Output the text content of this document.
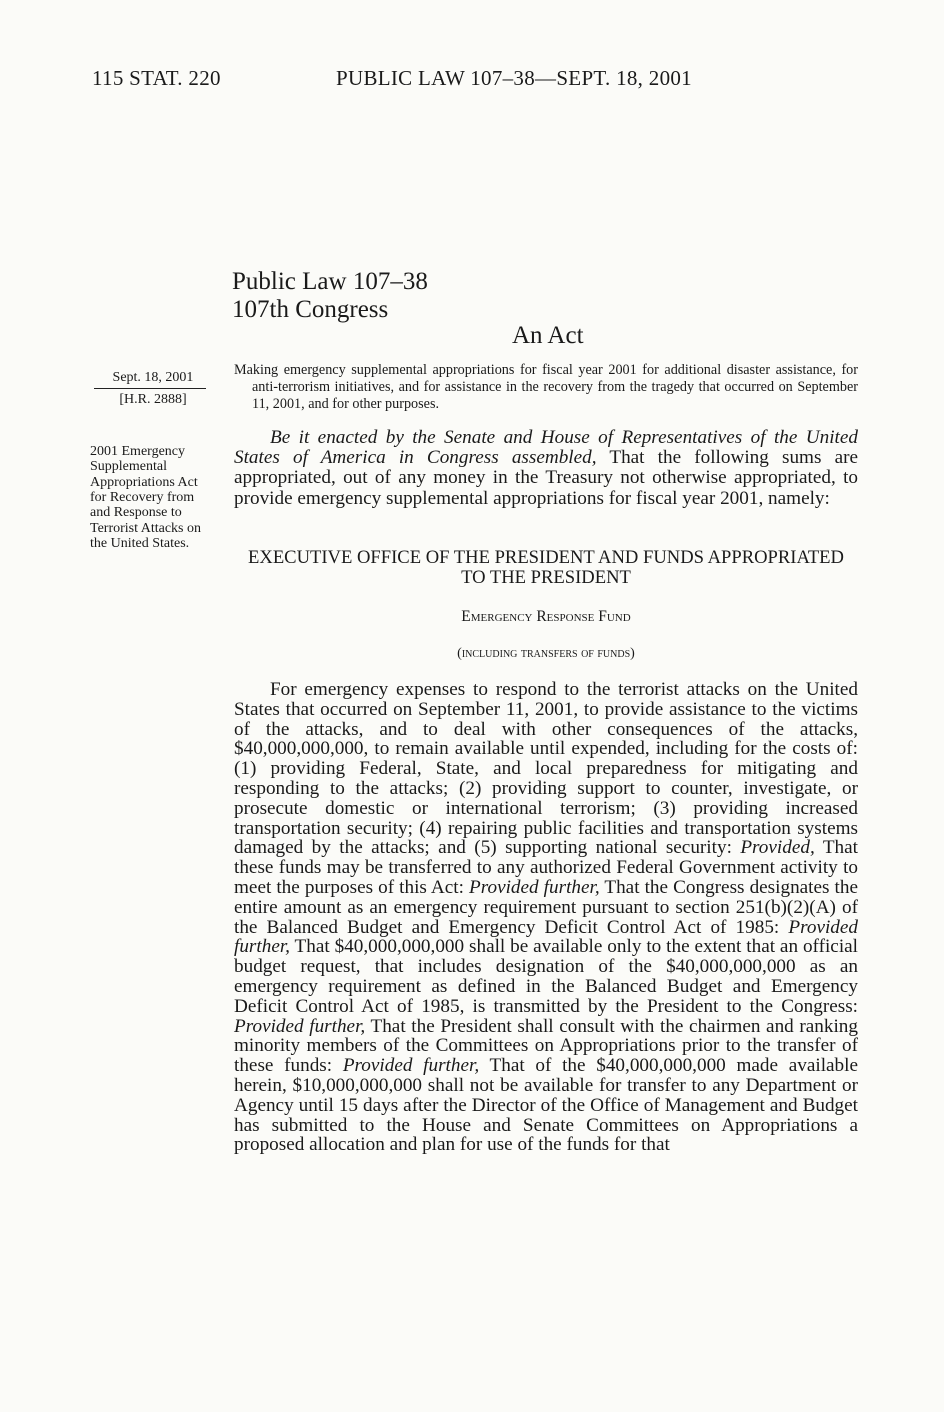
115 STAT. 220	PUBLIC LAW 107–38—SEPT. 18, 2001
Public Law 107–38
107th Congress
An Act
Sept. 18, 2001
[H.R. 2888]
2001 Emergency Supplemental Appropriations Act for Recovery from and Response to Terrorist Attacks on the United States.

Making emergency supplemental appropriations for fiscal year 2001 for additional disaster assistance, for anti-terrorism initiatives, and for assistance in the recovery from the tragedy that occurred on September 11, 2001, and for other purposes.

Be it enacted by the Senate and House of Representatives of the United States of America in Congress assembled, That the following sums are appropriated, out of any money in the Treasury not otherwise appropriated, to provide emergency supplemental appropriations for fiscal year 2001, namely:

EXECUTIVE OFFICE OF THE PRESIDENT AND FUNDS APPROPRIATED TO THE PRESIDENT
Emergency Response Fund
(including transfers of funds)

For emergency expenses to respond to the terrorist attacks on the United States that occurred on September 11, 2001, to provide assistance to the victims of the attacks, and to deal with other consequences of the attacks, $40,000,000,000, to remain available until expended, including for the costs of: (1) providing Federal, State, and local preparedness for mitigating and responding to the attacks; (2) providing support to counter, investigate, or prosecute domestic or international terrorism; (3) providing increased transportation security; (4) repairing public facilities and transportation systems damaged by the attacks; and (5) supporting national security: Provided, That these funds may be transferred to any authorized Federal Government activity to meet the purposes of this Act: Provided further, That the Congress designates the entire amount as an emergency requirement pursuant to section 251(b)(2)(A) of the Balanced Budget and Emergency Deficit Control Act of 1985: Provided further, That $40,000,000,000 shall be available only to the extent that an official budget request, that includes designation of the $40,000,000,000 as an emergency requirement as defined in the Balanced Budget and Emergency Deficit Control Act of 1985, is transmitted by the President to the Congress: Provided further, That the President shall consult with the chairmen and ranking minority members of the Committees on Appropriations prior to the transfer of these funds: Provided further, That of the $40,000,000,000 made available herein, $10,000,000,000 shall not be available for transfer to any Department or Agency until 15 days after the Director of the Office of Management and Budget has submitted to the House and Senate Committees on Appropriations a proposed allocation and plan for use of the funds for that
